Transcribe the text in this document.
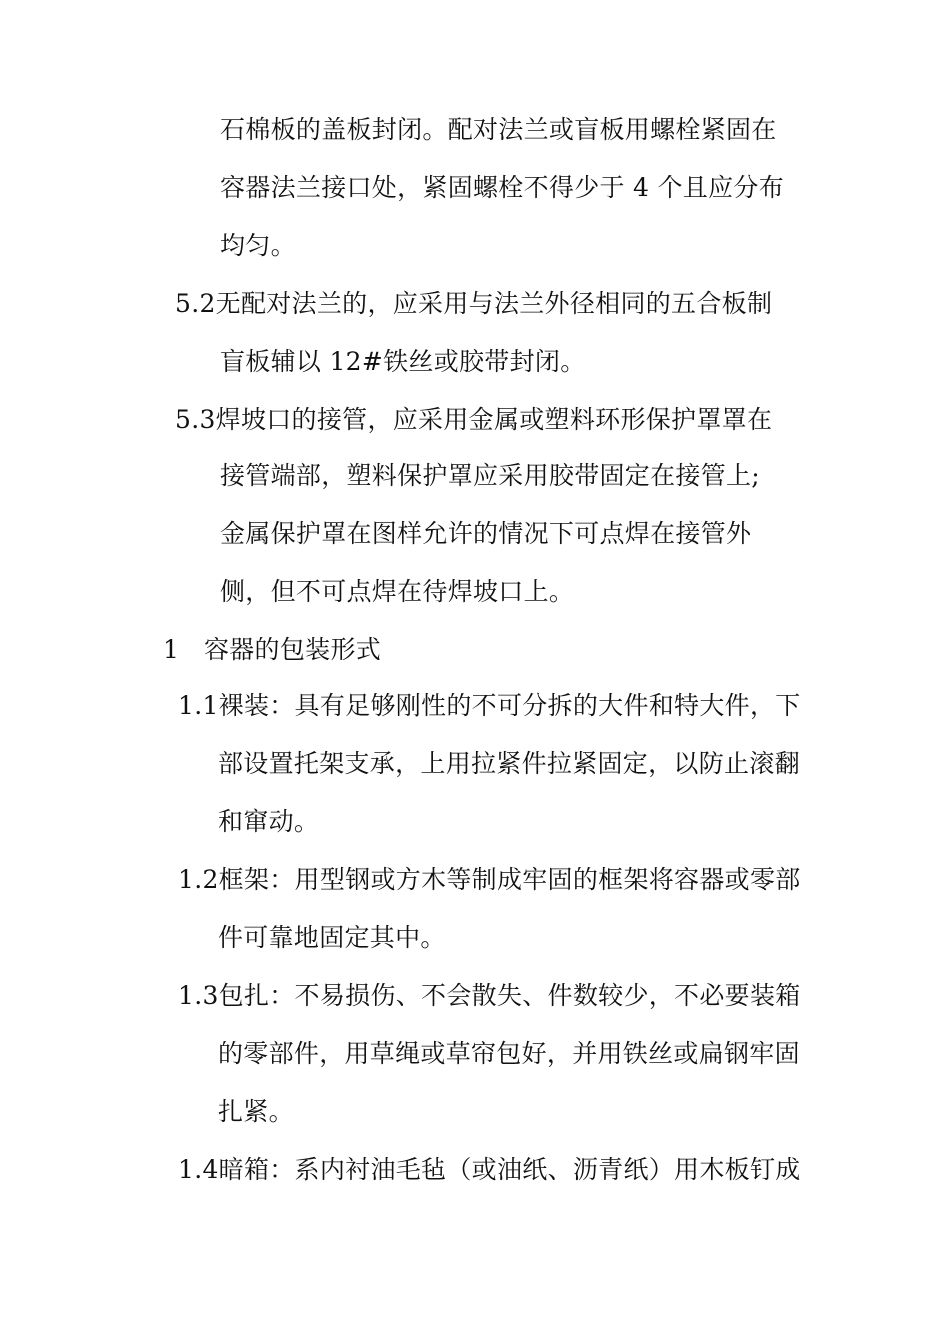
石棉板的盖板封闭。配对法兰或盲板用螺栓紧固在
容器法兰接口处，紧固螺栓不得少于 4 个且应分布
均匀。
5.2无配对法兰的，应采用与法兰外径相同的五合板制
盲板辅以 12#铁丝或胶带封闭。
5.3焊坡口的接管，应采用金属或塑料环形保护罩罩在
接管端部，塑料保护罩应采用胶带固定在接管上;
金属保护罩在图样允许的情况下可点焊在接管外
侧，但不可点焊在待焊坡口上。
1   容器的包装形式
1.1裸装：具有足够刚性的不可分拆的大件和特大件，下
部设置托架支承，上用拉紧件拉紧固定，以防止滚翻
和窜动。
1.2框架：用型钢或方木等制成牢固的框架将容器或零部
件可靠地固定其中。
1.3包扎：不易损伤、不会散失、件数较少，不必要装箱
的零部件，用草绳或草帘包好，并用铁丝或扁钢牢固
扎紧。
1.4暗箱：系内衬油毛毡（或油纸、沥青纸）用木板钉成
